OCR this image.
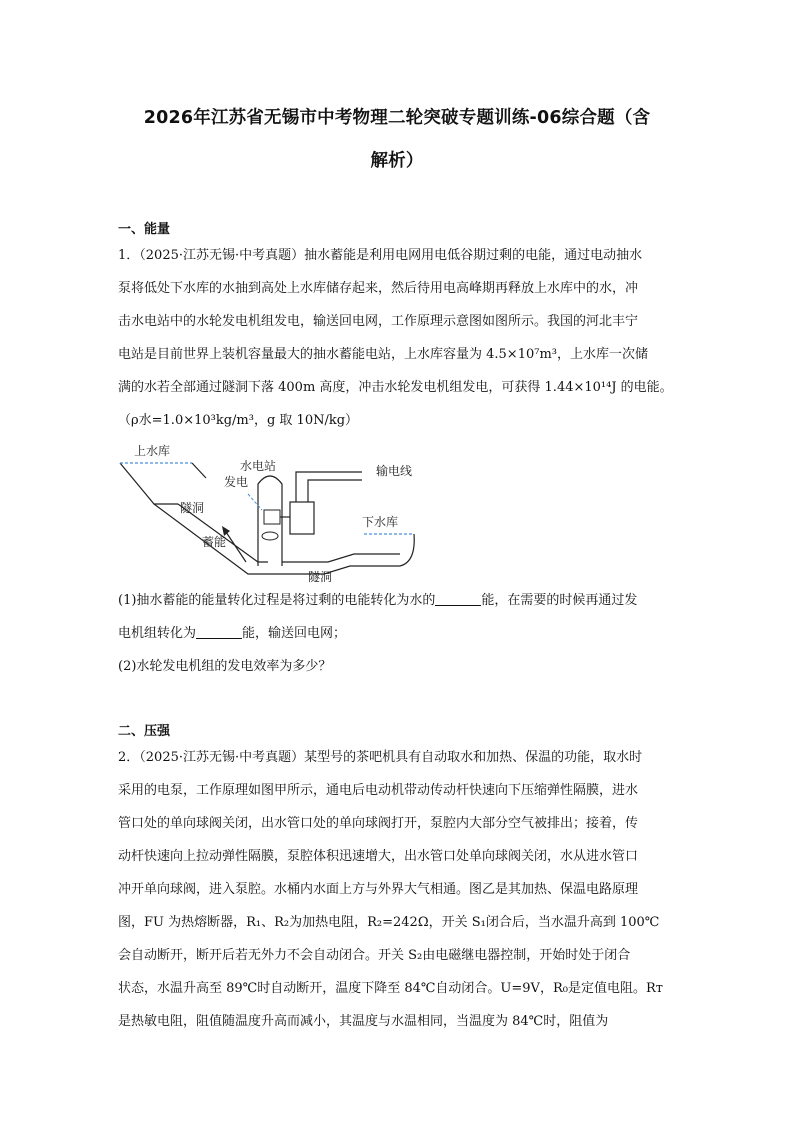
2026年江苏省无锡市中考物理二轮突破专题训练-06综合题（含
解析）
一、能量
1．（2025·江苏无锡·中考真题）抽水蓄能是利用电网用电低谷期过剩的电能，通过电动抽水
泵将低处下水库的水抽到高处上水库储存起来，然后待用电高峰期再释放上水库中的水，冲
击水电站中的水轮发电机组发电，输送回电网，工作原理示意图如图所示。我国的河北丰宁
电站是目前世界上装机容量最大的抽水蓄能电站，上水库容量为 4.5×10⁷m³，上水库一次储
满的水若全部通过隧洞下落 400m 高度，冲击水轮发电机组发电，可获得 1.44×10¹⁴J 的电能。
（ρ水=1.0×10³kg/m³，g 取 10N/kg）
上水库
隧洞
水电站	输电线
发电
蓄能
下水库
隧洞
(1)抽水蓄能的能量转化过程是将过剩的电能转化为水的	能，在需要的时候再通过发
电机组转化为	能，输送回电网；
(2)水轮发电机组的发电效率为多少？
二、压强
2．（2025·江苏无锡·中考真题）某型号的茶吧机具有自动取水和加热、保温的功能，取水时
采用的电泵，工作原理如图甲所示，通电后电动机带动传动杆快速向下压缩弹性隔膜，进水
管口处的单向球阀关闭，出水管口处的单向球阀打开，泵腔内大部分空气被排出；接着，传
动杆快速向上拉动弹性隔膜，泵腔体积迅速增大，出水管口处单向球阀关闭，水从进水管口
冲开单向球阀，进入泵腔。水桶内水面上方与外界大气相通。图乙是其加热、保温电路原理
图，FU 为热熔断器，R₁、R₂为加热电阻，R₂=242Ω，开关 S₁闭合后，当水温升高到 100℃
会自动断开，断开后若无外力不会自动闭合。开关 S₂由电磁继电器控制，开始时处于闭合
状态，水温升高至 89℃时自动断开，温度下降至 84℃自动闭合。U=9V，R₀是定值电阻。Rᴛ
是热敏电阻，阻值随温度升高而减小，其温度与水温相同，当温度为 84℃时，阻值为
